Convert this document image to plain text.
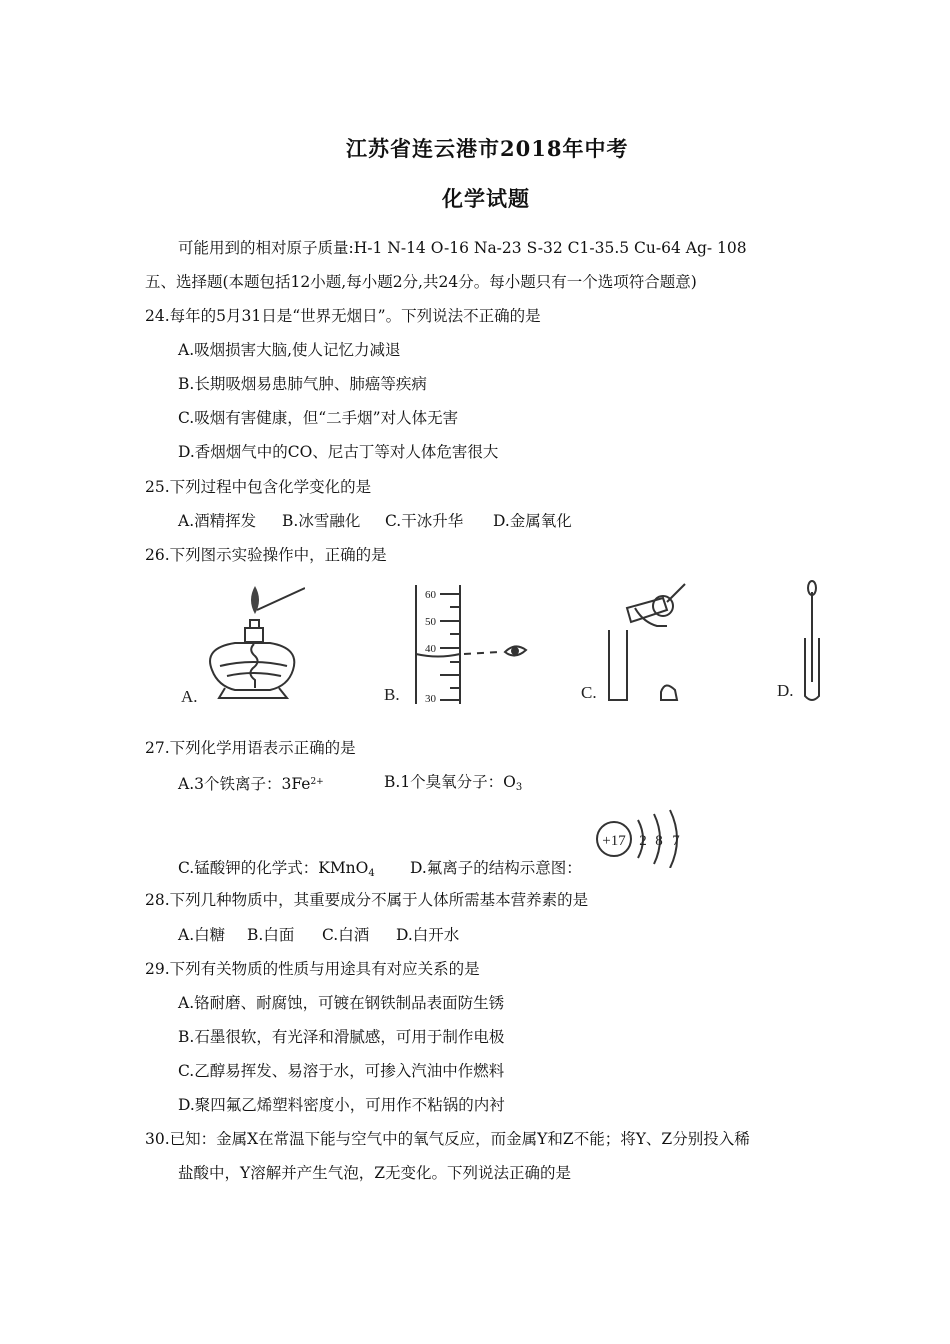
江苏省连云港市2018年中考
化学试题
可能用到的相对原子质量:H-1 N-14 O-16 Na-23 S-32 C1-35.5 Cu-64 Ag- 108
五、选择题(本题包括12小题,每小题2分,共24分。每小题只有一个选项符合题意)
24.每年的5月31日是“世界无烟日”。下列说法不正确的是
A.吸烟损害大脑,使人记忆力减退
B.长期吸烟易患肺气肿、肺癌等疾病
C.吸烟有害健康，但“二手烟”对人体无害
D.香烟烟气中的CO、尼古丁等对人体危害很大
25.下列过程中包含化学变化的是
A.酒精挥发 B.冰雪融化 C.干冰升华 D.金属氧化
26.下列图示实验操作中，正确的是
A.
60
50
40
30
B.	C.	D.
27.下列化学用语表示正确的是
A.3个铁离子：$3Fe^{2+}$	B.1个臭氧分子：O3
+17 2 8 7
C.锰酸钾的化学式：KMnO4 D.氟离子的结构示意图：
28.下列几种物质中，其重要成分不属于人体所需基本营养素的是
A.白糖 B.白面 C.白酒 D.白开水
29.下列有关物质的性质与用途具有对应关系的是
A.铬耐磨、耐腐蚀，可镀在钢铁制品表面防生锈
B.石墨很软，有光泽和滑腻感，可用于制作电极
C.乙醇易挥发、易溶于水，可掺入汽油中作燃料
D.聚四氟乙烯塑料密度小，可用作不粘锅的内衬
30.已知：金属X在常温下能与空气中的氧气反应，而金属Y和Z不能；将Y、Z分别投入稀
盐酸中，Y溶解并产生气泡，Z无变化。下列说法正确的是
